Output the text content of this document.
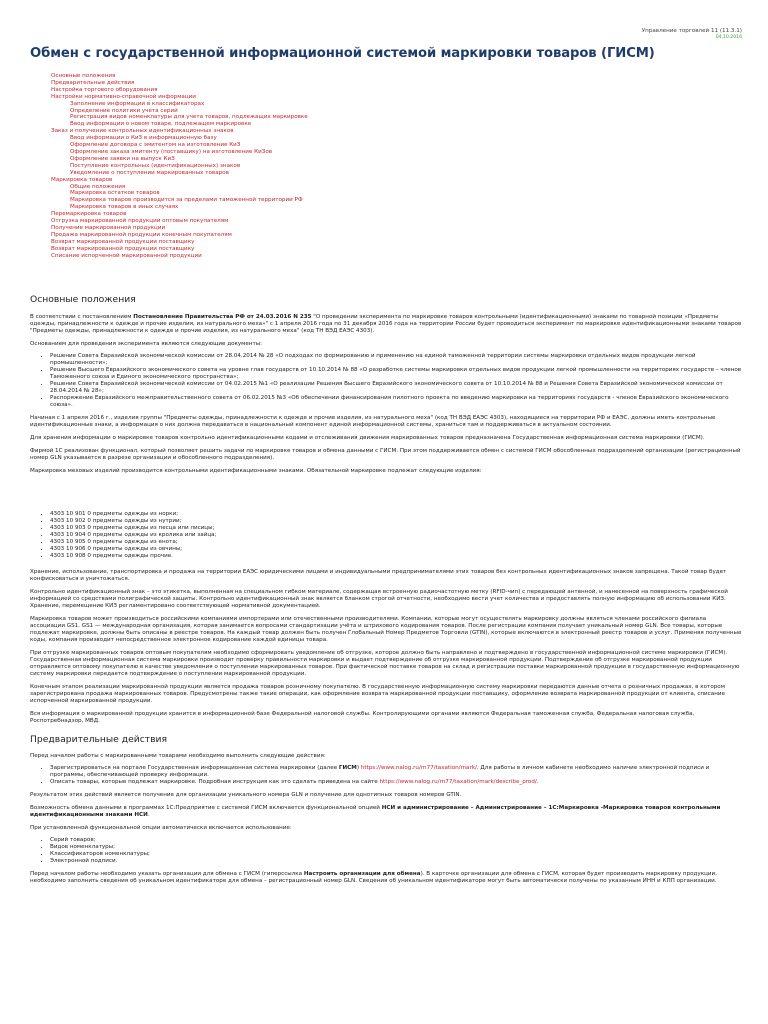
Управление торговлей 11 (11.3.1)
04.10.2016
Обмен с государственной информационной системой маркировки товаров (ГИСМ)
Основные положения
Предварительные действия
Настройка торгового оборудования
Настройки нормативно-справочной информации
Заполнение информации в классификаторах
Определение политики учета серий
Регистрация видов номенклатуры для учета товаров, подлежащих маркировке
Ввод информации о новом товаре, подлежащем маркировке
Заказ и получение контрольных идентификационных знаков
Ввод информации о КиЗ в информационную базу
Оформление договора с эмитентом на изготовление КиЗ
Оформление заказа эмитенту (поставщику) на изготовление КиЗов
Оформление заявки на выпуск КиЗ
Поступление контрольных (идентификационных) знаков
Уведомление о поступлении маркированных товаров
Маркировка товаров
Общие положения
Маркировка остатков товаров
Маркировка товаров производится за пределами таможенной территории РФ
Маркировка товаров в иных случаях
Перемаркировка товаров
Отгрузка маркированной продукции оптовым покупателям
Получение маркированной продукции
Продажа маркированной продукции конечным покупателям
Возврат маркированной продукции поставщику
Возврат маркированной продукции поставщику
Списание испорченной маркированной продукции
Основные положения

В соответствии с постановлением Постановление Правительства РФ от 24.03.2016 N 235 "О проведении эксперимента по маркировке товаров контрольными (идентификационными) знаками по товарной позиции «Предметы одежды, принадлежности к одежде и прочие изделия, из натурального меха»" с 1 апреля 2016 года по 31 декабря 2016 года на территории России будет проводиться эксперимент по маркировке идентификационными знаками товаров "Предметы одежды, принадлежности к одежде и прочие изделия, из натурального меха" (код ТН ВЭД ЕАЭС 4303).

Основанием для проведения эксперимента являются следующие документы:

• Решение Совета Евразийской экономической комиссии от 28.04.2014 № 28 «О подходах по формированию и применению на единой таможенной территории системы маркировки отдельных видов продукции легкой промышленности»;
• Решение Высшего Евразийского экономического совета на уровне глав государств от 10.10.2014 № 88 «О разработке системы маркировки отдельных видов продукции легкой промышленности на территориях государств – членов Таможенного союза и Единого экономического пространства»;
• Решение Совета Евразийской экономической комиссии от 04.02.2015 №1 «О реализации Решения Высшего Евразийского экономического совета от 10.10.2014 № 88 и Решения Совета Евразийской экономической комиссии от 28.04.2014 № 28»;
• Распоряжение Евразийского межправительственного совета от 06.02.2015 №3 «Об обеспечении финансирования пилотного проекта по введению маркировки на территориях государств - членов Евразийского экономического союза».

Начиная с 1 апреля 2016 г., изделия группы "Предметы одежды, принадлежности к одежде и прочие изделия, из натурального меха" (код ТН ВЭД ЕАЭС 4303), находящиеся на территории РФ и ЕАЭС, должны иметь контрольные идентификационные знаки, а информация о них должна передаваться в национальный компонент единой информационной системы, храниться там и поддерживаться в актуальном состоянии.

Для хранения информации о маркировке товаров контрольно идентификационными кодами и отслеживания движения маркированных товаров предназначена Государственная информационная система маркировки (ГИСМ).

Фирмой 1С реализован функционал, который позволяет решить задачи по маркировке товаров и обмена данными с ГИСМ. При этом поддерживается обмен с системой ГИСМ обособленных подразделений организации (регистрационный номер GLN указывается в разрезе организации и обособленного подразделения).

Маркировка меховых изделий производится контрольными идентификационными знаками. Обязательной маркировке подлежат следующие изделия:

• 4303 10 901 0 предметы одежды из норки;
• 4303 10 902 0 предметы одежды из нутрии;
• 4303 10 903 0 предметы одежды из песца или лисицы;
• 4303 10 904 0 предметы одежды из кролика или зайца;
• 4303 10 905 0 предметы одежды из енота;
• 4303 10 906 0 предметы одежды из овчины;
• 4303 10 908 0 предметы одежды прочие.

Хранение, использование, транспортировка и продажа на территории ЕАЭС юридическими лицами и индивидуальными предпринимателями этих товаров без контрольных идентификационных знаков запрещена. Такой товар будет конфисковаться и уничтожаться.

Контрольно идентификационный знак – это этикетка, выполненная на специальном гибком материале, содержащая встроенную радиочастотную метку (RFID-чип) с передающей антенной, и нанесенной на поверхность графической информацией со средствами полиграфической защиты. Контрольно идентификационный знак является бланком строгой отчетности, необходимо вести учет количества и предоставлять полную информацию об использовании КИЗ. Хранение, перемещение КИЗ регламентировано соответствующей нормативной документацией.

Маркировка товаров может производиться российскими компаниями импортерами или отечественными производителями. Компании, которые могут осуществлять маркировку должны являться членами российского филиала ассоциации GS1. GS1 — международная организация, которая занимается вопросами стандартизации учёта и штрихового кодирования товаров. После регистрации компания получает уникальный номер GLN. Все товары, которые подлежат маркировке, должны быть описаны в реестре товаров. На каждый товар должен быть получен Глобальный Номер Предметов Торговли (GTIN), которые включаются в электронный реестр товаров и услуг. Применяя полученные коды, компания производит непосредственное электронное кодирование каждой единицы товара.

При отгрузке маркированных товаров оптовым покупателям необходимо сформировать уведомление об отгрузке, которое должно быть направлено и подтверждено в государственной информационной системе маркировки (ГИСМ). Государственная информационная система маркировки производит проверку правильности маркировки и выдает подтверждение об отгрузке маркированной продукции. Подтверждение об отгрузке маркированной продукции отправляется оптовому покупателю в качестве уведомления о поступлении маркированных товаров. При фактической поставке товаров на склад и регистрации поставки маркированной продукции в государственную информационную систему маркировки передается подтверждение о поступлении маркированной продукции.

Конечным этапом реализации маркированной продукции является продажа товаров розничному покупателю. В государственную информационную систему маркировки передаются данные отчета о розничных продажах, в котором зарегистрирована продажа маркированных товаров. Предусмотрены также такие операции, как оформление возврата маркированной продукции поставщику, оформление возврата маркированной продукции от клиента, списание испорченной маркированной продукции.

Вся информация о маркированной продукции хранится в информационной базе Федеральной налоговой службы. Контролирующими органами являются Федеральная таможенная служба, Федеральная налоговая служба, Роспотребнадзор, МВД.

Предварительные действия

Перед началом работы с маркированными товарами необходимо выполнить следующие действия:

• Зарегистрироваться на портале Государственная информационная система маркировки (далее ГИСМ) https://www.nalog.ru/rn77/taxation/mark/. Для работы в личном кабинете необходимо наличие электронной подписи и программы, обеспечивающей проверку информации.
• Описать товары, которые подлежат маркировке. Подробная инструкция как это сделать приведена на сайте https://www.nalog.ru/rn77/taxation/mark/describe_prod/.

Результатом этих действий является получение для организации уникального номера GLN и получение для однотипных товаров номеров GTIN.

Возможность обмена данными в программах 1С:Предприятие с системой ГИСМ включается функциональной опцией НСИ и администрирование – Администрирование – 1С:Маркировка -Маркировка товаров контрольными идентификационными знаками НСИ.

При установленной функциональной опции автоматически включается использование:

• Серий товаров;
• Видов номенклатуры;
• Классификаторов номенклатуры;
• Электронной подписи.

Перед началом работы необходимо указать организации для обмена с ГИСМ (гиперссылка Настроить организации для обмена). В карточке организации для обмена с ГИСМ, которая будет производить маркировку продукции, необходимо заполнить сведения об уникальном идентификаторе для обмена – регистрационный номер GLN. Сведения об уникальном идентификаторе могут быть автоматически получены по указанным ИНН и КПП организации.
